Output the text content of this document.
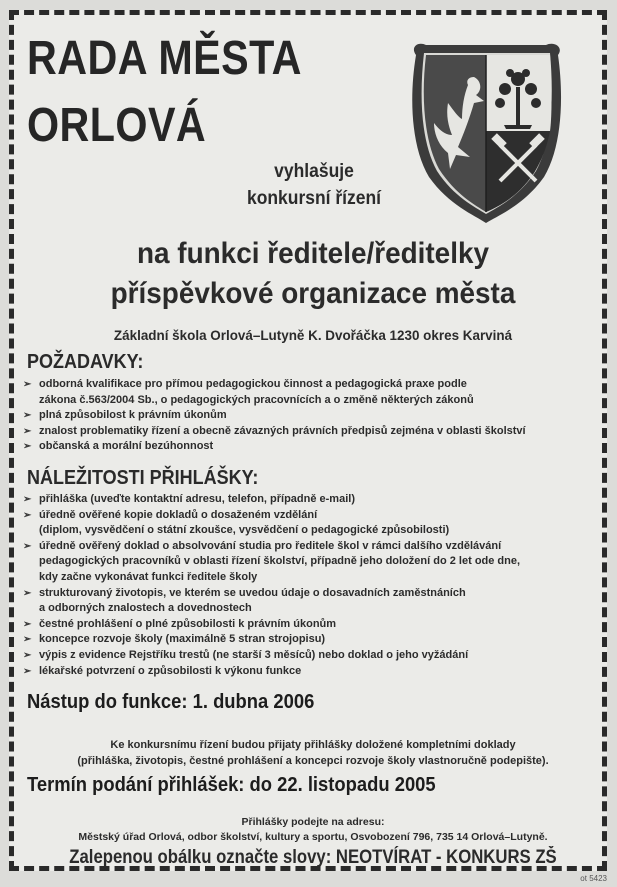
RADA MĚSTA
ORLOVÁ

vyhlašuje

konkursní řízení

na funkci ředitele/ředitelky

příspěvkové organizace města

Základní škola Orlová–Lutyně K. Dvořáčka 1230 okres Karviná

POŽADAVKY:
➢ odborná kvalifikace pro přímou pedagogickou činnost a pedagogická praxe podle
zákona č.563/2004 Sb., o pedagogických pracovnících a o změně některých zákonů
➢ plná způsobilost k právním úkonům
➢ znalost problematiky řízení a obecně závazných právních předpisů zejména v oblasti školství
➢ občanská a morální bezúhonnost
NÁLEŽITOSTI PŘIHLÁŠKY:
➢ přihláška (uveďte kontaktní adresu, telefon, případně e-mail)
➢ úředně ověřené kopie dokladů o dosaženém vzdělání
(diplom, vysvědčení o státní zkoušce, vysvědčení o pedagogické způsobilosti)
➢ úředně ověřený doklad o absolvování studia pro ředitele škol v rámci dalšího vzdělávání
pedagogických pracovníků v oblasti řízení školství, případně jeho doložení do 2 let ode dne,
kdy začne vykonávat funkci ředitele školy
➢ strukturovaný životopis, ve kterém se uvedou údaje o dosavadních zaměstnáních
a odborných znalostech a dovednostech
➢ čestné prohlášení o plné způsobilosti k právním úkonům
➢ koncepce rozvoje školy (maximálně 5 stran strojopisu)
➢ výpis z evidence Rejstříku trestů (ne starší 3 měsíců) nebo doklad o jeho vyžádání
➢ lékařské potvrzení o způsobilosti k výkonu funkce

Nástup do funkce: 1. dubna 2006

Ke konkursnímu řízení budou přijaty přihlášky doložené kompletními doklady

(přihláška, životopis, čestné prohlášení a koncepci rozvoje školy vlastnoručně podepište).

Termín podání přihlášek: do 22. listopadu 2005

Přihlášky podejte na adresu:

Městský úřad Orlová, odbor školství, kultury a sportu, Osvobození 796, 735 14 Orlová–Lutyně.

Zalepenou obálku označte slovy: NEOTVÍRAT - KONKURS ZŠ

ot 5423
